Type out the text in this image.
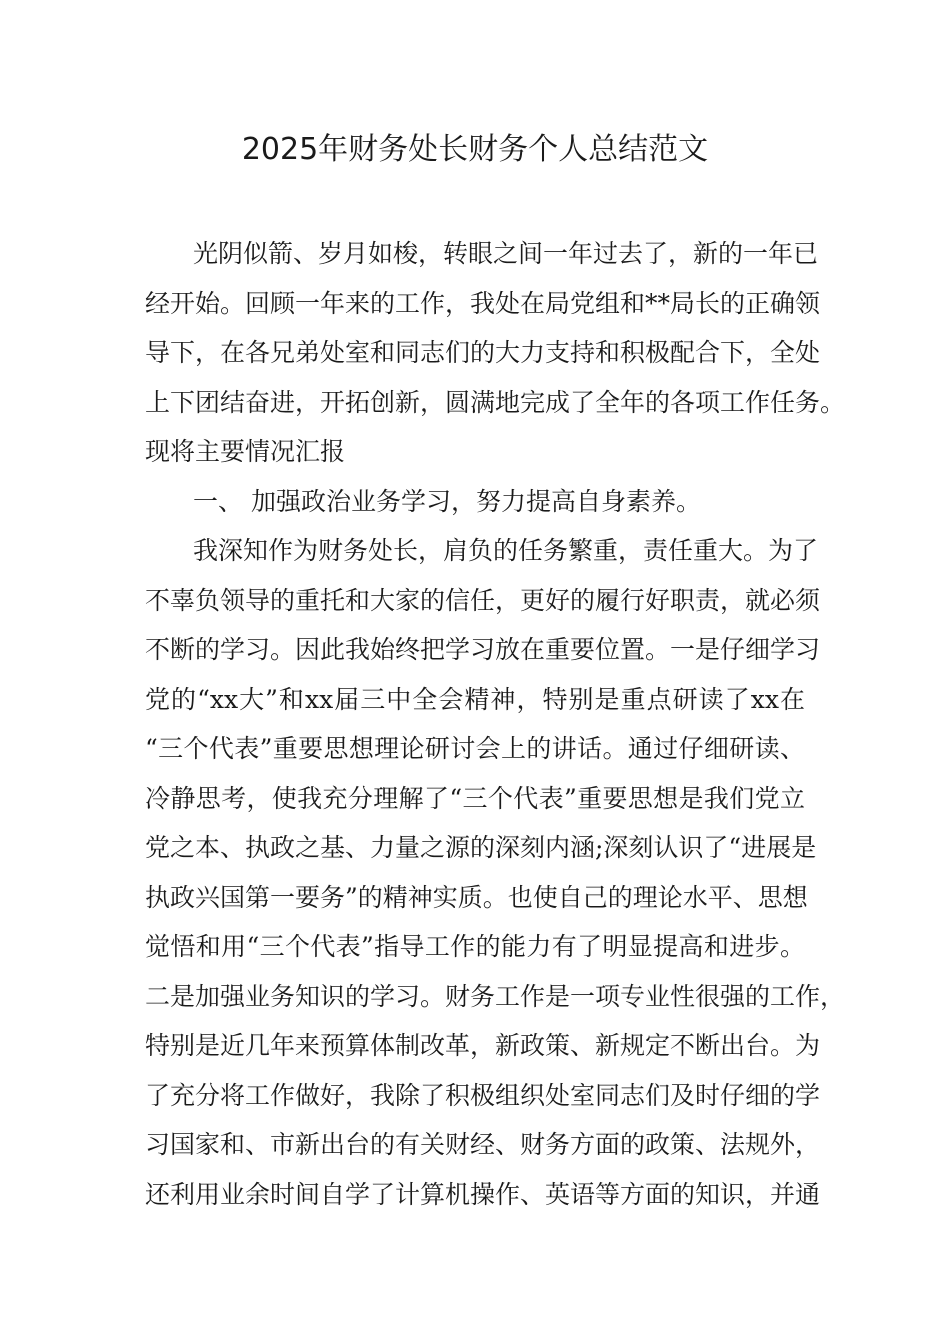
2025年财务处长财务个人总结范文
光阴似箭、岁月如梭，转眼之间一年过去了，新的一年已
经开始。回顾一年来的工作，我处在局党组和**局长的正确领
导下，在各兄弟处室和同志们的大力支持和积极配合下，全处
上下团结奋进，开拓创新，圆满地完成了全年的各项工作任务。
现将主要情况汇报
一、 加强政治业务学习，努力提高自身素养。
我深知作为财务处长，肩负的任务繁重，责任重大。为了
不辜负领导的重托和大家的信任，更好的履行好职责，就必须
不断的学习。因此我始终把学习放在重要位置。一是仔细学习
党的“xx大”和xx届三中全会精神，特别是重点研读了xx在
“三个代表”重要思想理论研讨会上的讲话。通过仔细研读、
冷静思考，使我充分理解了“三个代表”重要思想是我们党立
党之本、执政之基、力量之源的深刻内涵;深刻认识了“进展是
执政兴国第一要务”的精神实质。也使自己的理论水平、思想
觉悟和用“三个代表”指导工作的能力有了明显提高和进步。
二是加强业务知识的学习。财务工作是一项专业性很强的工作，
特别是近几年来预算体制改革，新政策、新规定不断出台。为
了充分将工作做好，我除了积极组织处室同志们及时仔细的学
习国家和、市新出台的有关财经、财务方面的政策、法规外，
还利用业余时间自学了计算机操作、英语等方面的知识，并通
